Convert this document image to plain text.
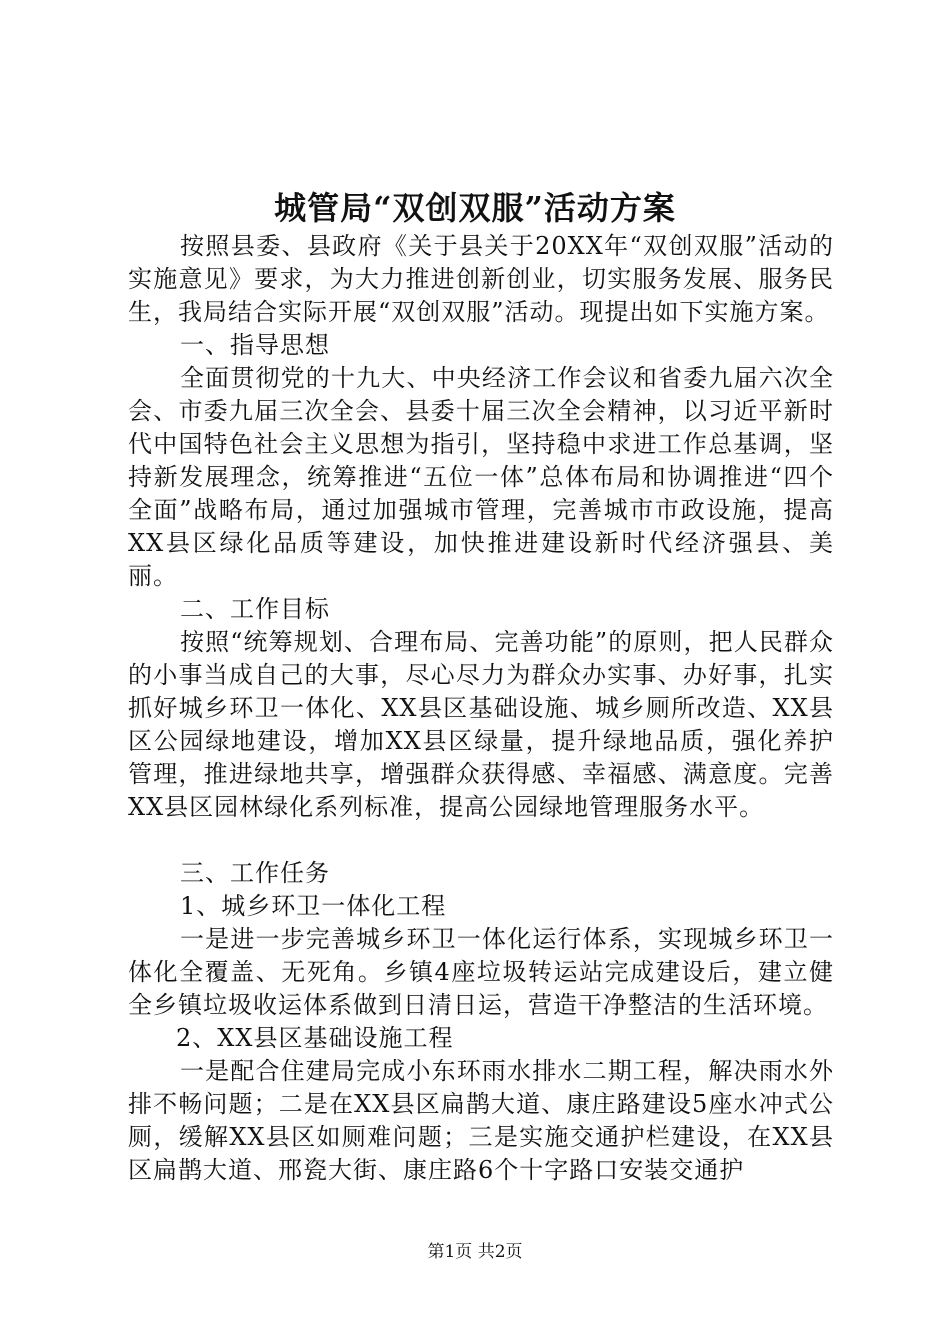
城管局“双创双服”活动方案

按照县委、县政府《关于县关于20XX年“双创双服”活动的实施意见》要求，为大力推进创新创业，切实服务发展、服务民生，我局结合实际开展“双创双服”活动。现提出如下实施方案。

一、指导思想

全面贯彻党的十九大、中央经济工作会议和省委九届六次全会、市委九届三次全会、县委十届三次全会精神，以习近平新时代中国特色社会主义思想为指引，坚持稳中求进工作总基调，坚持新发展理念，统筹推进“五位一体”总体布局和协调推进“四个全面”战略布局，通过加强城市管理，完善城市市政设施，提高XX县区绿化品质等建设，加快推进建设新时代经济强县、美丽。

二、工作目标

按照“统筹规划、合理布局、完善功能”的原则，把人民群众的小事当成自己的大事，尽心尽力为群众办实事、办好事，扎实抓好城乡环卫一体化、XX县区基础设施、城乡厕所改造、XX县区公园绿地建设，增加XX县区绿量，提升绿地品质，强化养护管理，推进绿地共享，增强群众获得感、幸福感、满意度。完善XX县区园林绿化系列标准，提高公园绿地管理服务水平。

三、工作任务

1、城乡环卫一体化工程

一是进一步完善城乡环卫一体化运行体系，实现城乡环卫一体化全覆盖、无死角。乡镇4座垃圾转运站完成建设后，建立健全乡镇垃圾收运体系做到日清日运，营造干净整洁的生活环境。

2、XX县区基础设施工程

一是配合住建局完成小东环雨水排水二期工程，解决雨水外排不畅问题；二是在XX县区扁鹊大道、康庄路建设5座水冲式公厕，缓解XX县区如厕难问题；三是实施交通护栏建设，在XX县区扁鹊大道、邢瓷大街、康庄路6个十字路口安装交通护

第1页 共2页
